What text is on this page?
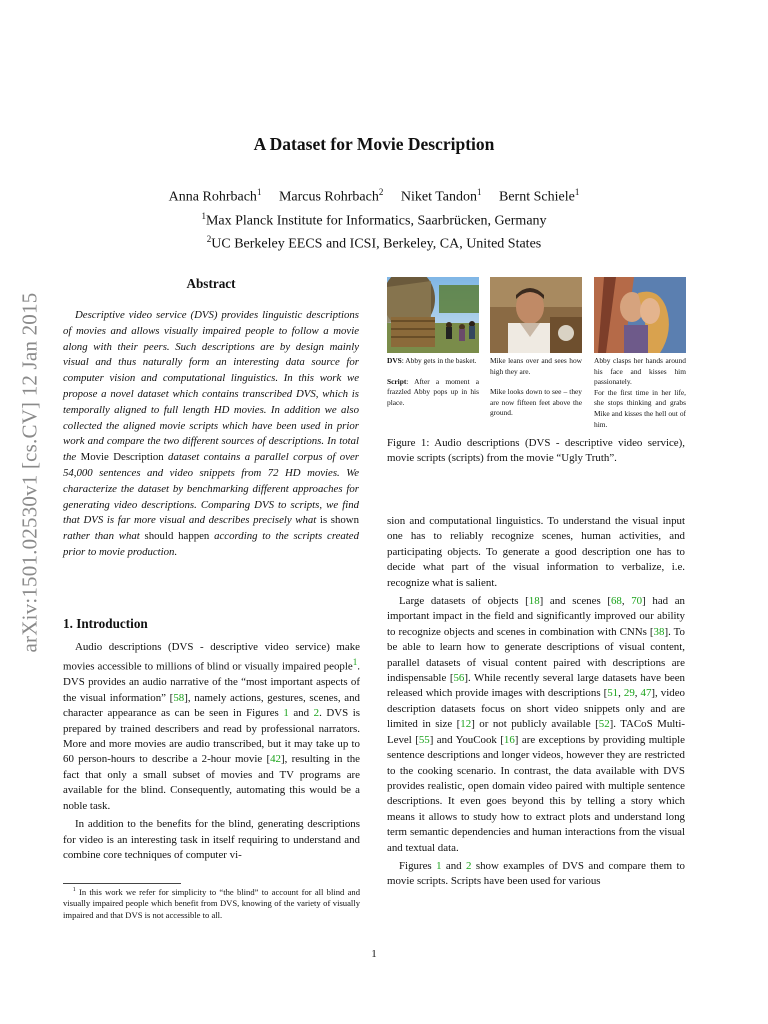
arXiv:1501.02530v1 [cs.CV] 12 Jan 2015
A Dataset for Movie Description
Anna Rohrbach$^1$ Marcus Rohrbach$^2$ Niket Tandon$^1$ Bernt Schiele$^1$
$^1$Max Planck Institute for Informatics, Saarbrücken, Germany
$^2$UC Berkeley EECS and ICSI, Berkeley, CA, United States
Abstract
Descriptive video service (DVS) provides linguistic descriptions of movies and allows visually impaired people to follow a movie along with their peers. Such descriptions are by design mainly visual and thus naturally form an interesting data source for computer vision and computational linguistics. In this work we propose a novel dataset which contains transcribed DVS, which is temporally aligned to full length HD movies. In addition we also collected the aligned movie scripts which have been used in prior work and compare the two different sources of descriptions. In total the Movie Description dataset contains a parallel corpus of over 54,000 sentences and video snippets from 72 HD movies. We characterize the dataset by benchmarking different approaches for generating video descriptions. Comparing DVS to scripts, we find that DVS is far more visual and describes precisely what is shown rather than what should happen according to the scripts created prior to movie production.
1. Introduction

Audio descriptions (DVS - descriptive video service) make movies accessible to millions of blind or visually impaired people$^1$. DVS provides an audio narrative of the “most important aspects of the visual information” [58], namely actions, gestures, scenes, and character appearance as can be seen in Figures 1 and 2. DVS is prepared by trained describers and read by professional narrators. More and more movies are audio transcribed, but it may take up to 60 person-hours to describe a 2-hour movie [42], resulting in the fact that only a small subset of movies and TV programs are available for the blind. Consequently, automating this would be a noble task.

In addition to the benefits for the blind, generating descriptions for video is an interesting task in itself requiring to understand and combine core techniques of computer vi-

$^1$ In this work we refer for simplicity to “the blind” to account for all blind and visually impaired people which benefit from DVS, knowing of the variety of visually impaired and that DVS is not accessible to all.
DVS: Abby gets in the basket.
Script: After a moment a frazzled Abby pops up in his place.
Mike leans over and sees how high they are.
Mike looks down to see – they are now fifteen feet above the ground.
Abby clasps her hands around his face and kisses him passionately.
For the first time in her life, she stops thinking and grabs Mike and kisses the hell out of him.
Figure 1: Audio descriptions (DVS - descriptive video service), movie scripts (scripts) from the movie “Ugly Truth”.

sion and computational linguistics. To understand the visual input one has to reliably recognize scenes, human activities, and participating objects. To generate a good description one has to decide what part of the visual information to verbalize, i.e. recognize what is salient.

Large datasets of objects [18] and scenes [68, 70] had an important impact in the field and significantly improved our ability to recognize objects and scenes in combination with CNNs [38]. To be able to learn how to generate descriptions of visual content, parallel datasets of visual content paired with descriptions are indispensable [56]. While recently several large datasets have been released which provide images with descriptions [51, 29, 47], video description datasets focus on short video snippets only and are limited in size [12] or not publicly available [52]. TACoS Multi-Level [55] and YouCook [16] are exceptions by providing multiple sentence descriptions and longer videos, however they are restricted to the cooking scenario. In contrast, the data available with DVS provides realistic, open domain video paired with multiple sentence descriptions. It even goes beyond this by telling a story which means it allows to study how to extract plots and understand long term semantic dependencies and human interactions from the visual and textual data.

Figures 1 and 2 show examples of DVS and compare them to movie scripts. Scripts have been used for various

1
